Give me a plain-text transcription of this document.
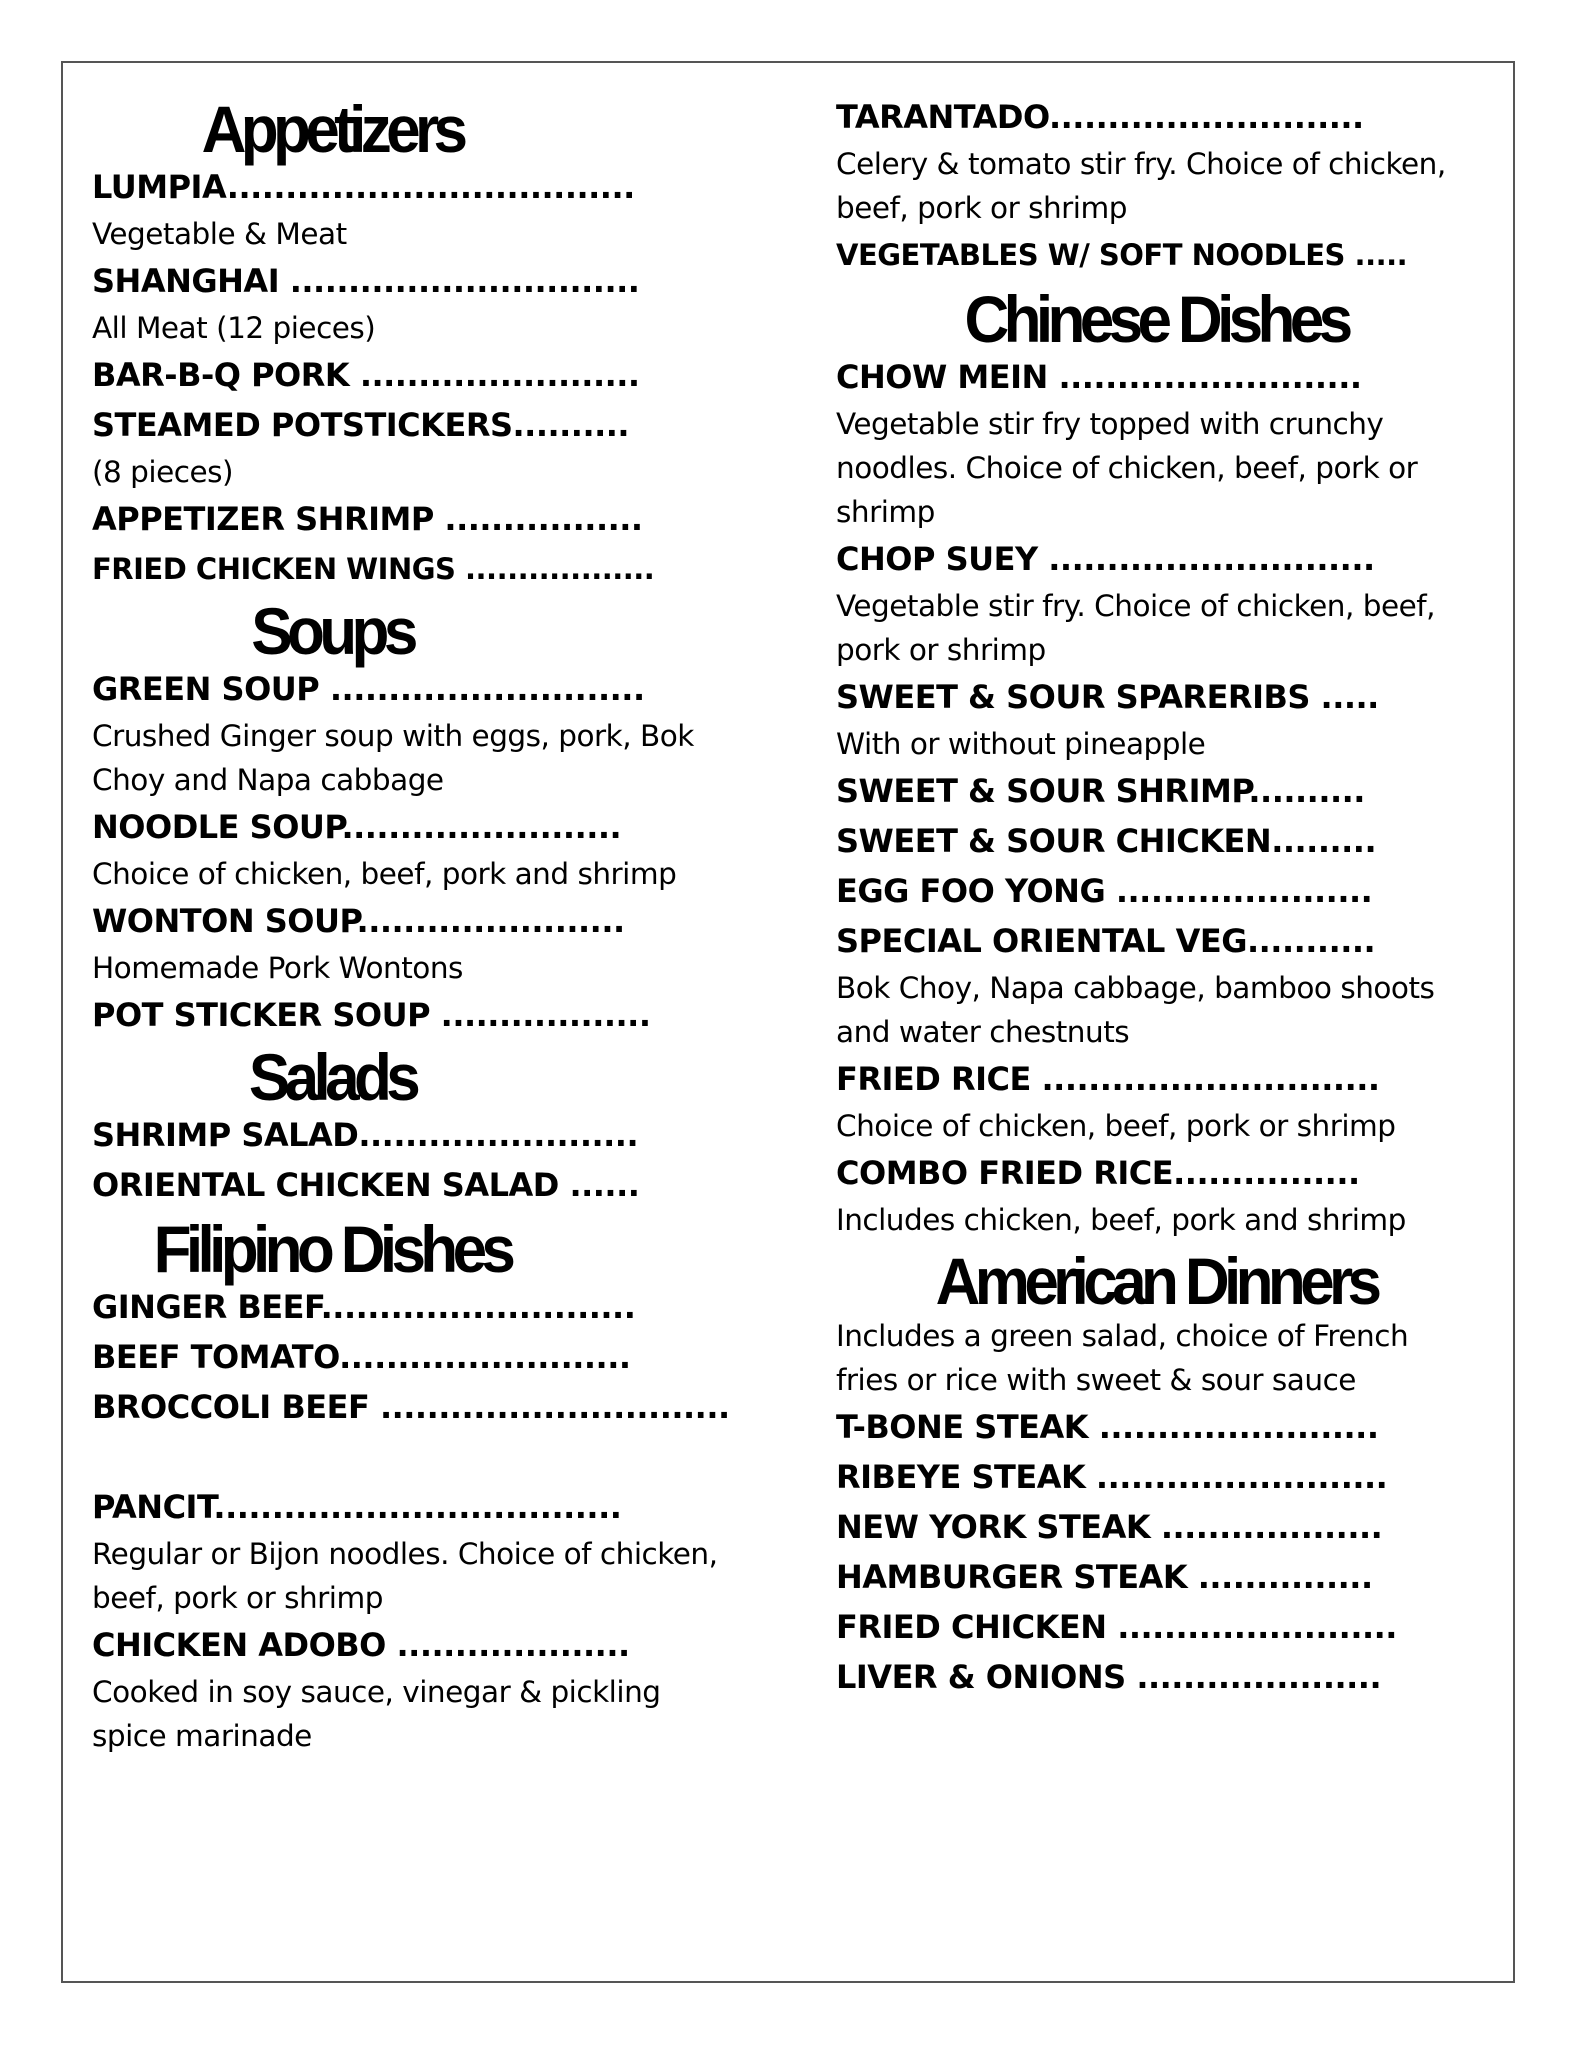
Appetizers
LUMPIA...................................
Vegetable & Meat
SHANGHAI ..............................
All Meat (12 pieces)
BAR-B-Q PORK ........................
STEAMED POTSTICKERS..........
(8 pieces)
APPETIZER SHRIMP .................
FRIED CHICKEN WINGS ..................
Soups
GREEN SOUP ...........................
Crushed Ginger soup with eggs, pork, Bok Choy and Napa cabbage
NOODLE SOUP........................
Choice of chicken, beef, pork and shrimp
WONTON SOUP.......................
Homemade Pork Wontons
POT STICKER SOUP ..................
Salads
SHRIMP SALAD........................
ORIENTAL CHICKEN SALAD ......
Filipino Dishes
GINGER BEEF...........................
BEEF TOMATO.........................
BROCCOLI BEEF ..............................
PANCIT...................................
Regular or Bijon noodles. Choice of chicken, beef, pork or shrimp
CHICKEN ADOBO ....................
Cooked in soy sauce, vinegar & pickling spice marinade
TARANTADO...........................
Celery & tomato stir fry. Choice of chicken, beef, pork or shrimp
VEGETABLES W/ SOFT NOODLES .....
Chinese Dishes
CHOW MEIN ..........................
Vegetable stir fry topped with crunchy noodles. Choice of chicken, beef, pork or shrimp
CHOP SUEY ............................
Vegetable stir fry. Choice of chicken, beef, pork or shrimp
SWEET & SOUR SPARERIBS .....
With or without pineapple
SWEET & SOUR SHRIMP..........
SWEET & SOUR CHICKEN.........
EGG FOO YONG ......................
SPECIAL ORIENTAL VEG...........
Bok Choy, Napa cabbage, bamboo shoots and water chestnuts
FRIED RICE .............................
Choice of chicken, beef, pork or shrimp
COMBO FRIED RICE................
Includes chicken, beef, pork and shrimp
American Dinners
Includes a green salad, choice of French fries or rice with sweet & sour sauce
T-BONE STEAK ........................
RIBEYE STEAK .........................
NEW YORK STEAK ...................
HAMBURGER STEAK ...............
FRIED CHICKEN ........................
LIVER & ONIONS .....................
